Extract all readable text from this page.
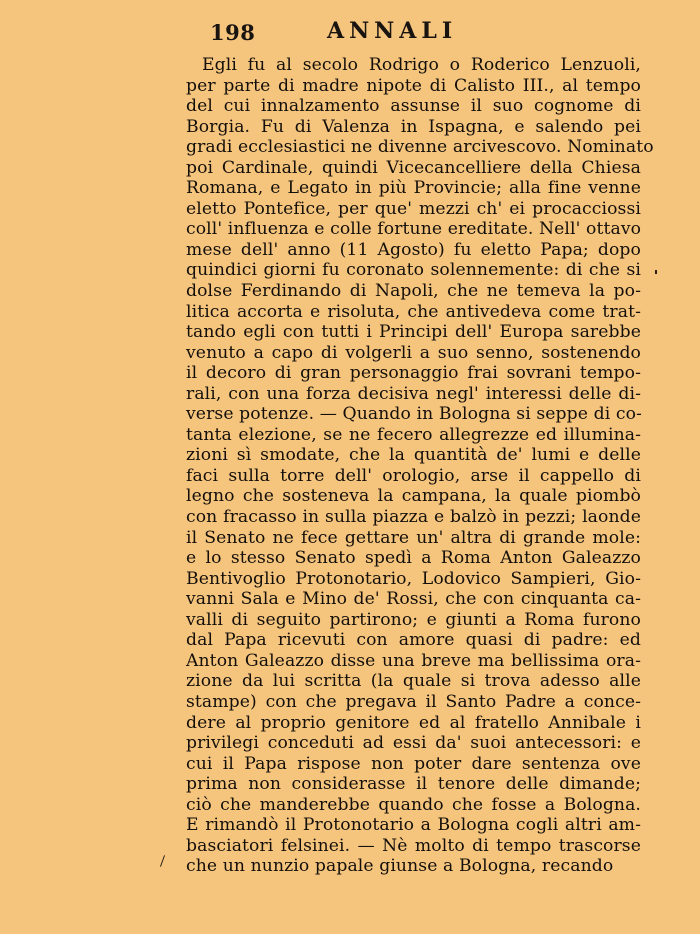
198	ANNALI
Egli fu al secolo Rodrigo o Roderico Lenzuoli,
per parte di madre nipote di Calisto III., al tempo
del cui innalzamento assunse il suo cognome di
Borgia. Fu di Valenza in Ispagna, e salendo pei
gradi ecclesiastici ne divenne arcivescovo. Nominato
poi Cardinale, quindi Vicecancelliere della Chiesa
Romana, e Legato in più Provincie; alla fine venne
eletto Pontefice, per que' mezzi ch' ei procacciossi
coll' influenza e colle fortune ereditate. Nell' ottavo
mese dell' anno (11 Agosto) fu eletto Papa; dopo
quindici giorni fu coronato solennemente: di che si
dolse Ferdinando di Napoli, che ne temeva la po-
litica accorta e risoluta, che antivedeva come trat-
tando egli con tutti i Principi dell' Europa sarebbe
venuto a capo di volgerli a suo senno, sostenendo
il decoro di gran personaggio frai sovrani tempo-
rali, con una forza decisiva negl' interessi delle di-
verse potenze. — Quando in Bologna si seppe di co-
tanta elezione, se ne fecero allegrezze ed illumina-
zioni sì smodate, che la quantità de' lumi e delle
faci sulla torre dell' orologio, arse il cappello di
legno che sosteneva la campana, la quale piombò
con fracasso in sulla piazza e balzò in pezzi; laonde
il Senato ne fece gettare un' altra di grande mole:
e lo stesso Senato spedì a Roma Anton Galeazzo
Bentivoglio Protonotario, Lodovico Sampieri, Gio-
vanni Sala e Mino de' Rossi, che con cinquanta ca-
valli di seguito partirono; e giunti a Roma furono
dal Papa ricevuti con amore quasi di padre: ed
Anton Galeazzo disse una breve ma bellissima ora-
zione da lui scritta (la quale si trova adesso alle
stampe) con che pregava il Santo Padre a conce-
dere al proprio genitore ed al fratello Annibale i
privilegi conceduti ad essi da' suoi antecessori: e
cui il Papa rispose non poter dare sentenza ove
prima non considerasse il tenore delle dimande;
ciò che manderebbe quando che fosse a Bologna.
E rimandò il Protonotario a Bologna cogli altri am-
basciatori felsinei. — Nè molto di tempo trascorse
che un nunzio papale giunse a Bologna, recando
